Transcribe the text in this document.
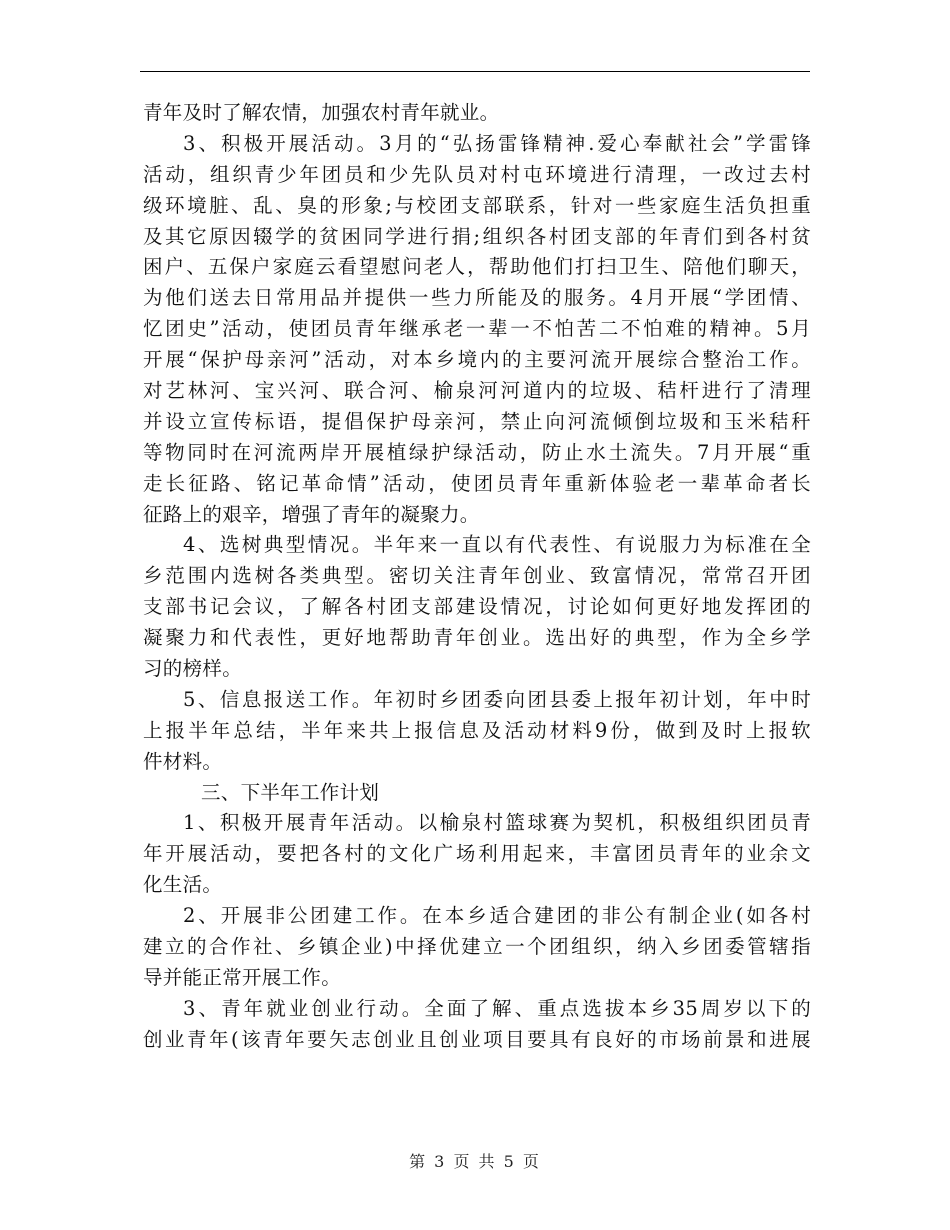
青年及时了解农情，加强农村青年就业。
3、积极开展活动。3月的“弘扬雷锋精神.爱心奉献社会”学雷锋
活动，组织青少年团员和少先队员对村屯环境进行清理，一改过去村
级环境脏、乱、臭的形象;与校团支部联系，针对一些家庭生活负担重
及其它原因辍学的贫困同学进行捐;组织各村团支部的年青们到各村贫
困户、五保户家庭云看望慰问老人，帮助他们打扫卫生、陪他们聊天，
为他们送去日常用品并提供一些力所能及的服务。4月开展“学团情、
忆团史”活动，使团员青年继承老一辈一不怕苦二不怕难的精神。5月
开展“保护母亲河”活动，对本乡境内的主要河流开展综合整治工作。
对艺林河、宝兴河、联合河、榆泉河河道内的垃圾、秸杆进行了清理
并设立宣传标语，提倡保护母亲河，禁止向河流倾倒垃圾和玉米秸秆
等物同时在河流两岸开展植绿护绿活动，防止水土流失。7月开展“重
走长征路、铭记革命情”活动，使团员青年重新体验老一辈革命者长
征路上的艰辛，增强了青年的凝聚力。
4、选树典型情况。半年来一直以有代表性、有说服力为标准在全
乡范围内选树各类典型。密切关注青年创业、致富情况，常常召开团
支部书记会议，了解各村团支部建设情况，讨论如何更好地发挥团的
凝聚力和代表性，更好地帮助青年创业。选出好的典型，作为全乡学
习的榜样。
5、信息报送工作。年初时乡团委向团县委上报年初计划，年中时
上报半年总结，半年来共上报信息及活动材料9份，做到及时上报软
件材料。
三、下半年工作计划
1、积极开展青年活动。以榆泉村篮球赛为契机，积极组织团员青
年开展活动，要把各村的文化广场利用起来，丰富团员青年的业余文
化生活。
2、开展非公团建工作。在本乡适合建团的非公有制企业(如各村
建立的合作社、乡镇企业)中择优建立一个团组织，纳入乡团委管辖指
导并能正常开展工作。
3、青年就业创业行动。全面了解、重点选拔本乡35周岁以下的
创业青年(该青年要矢志创业且创业项目要具有良好的市场前景和进展
第 3 页 共 5 页
